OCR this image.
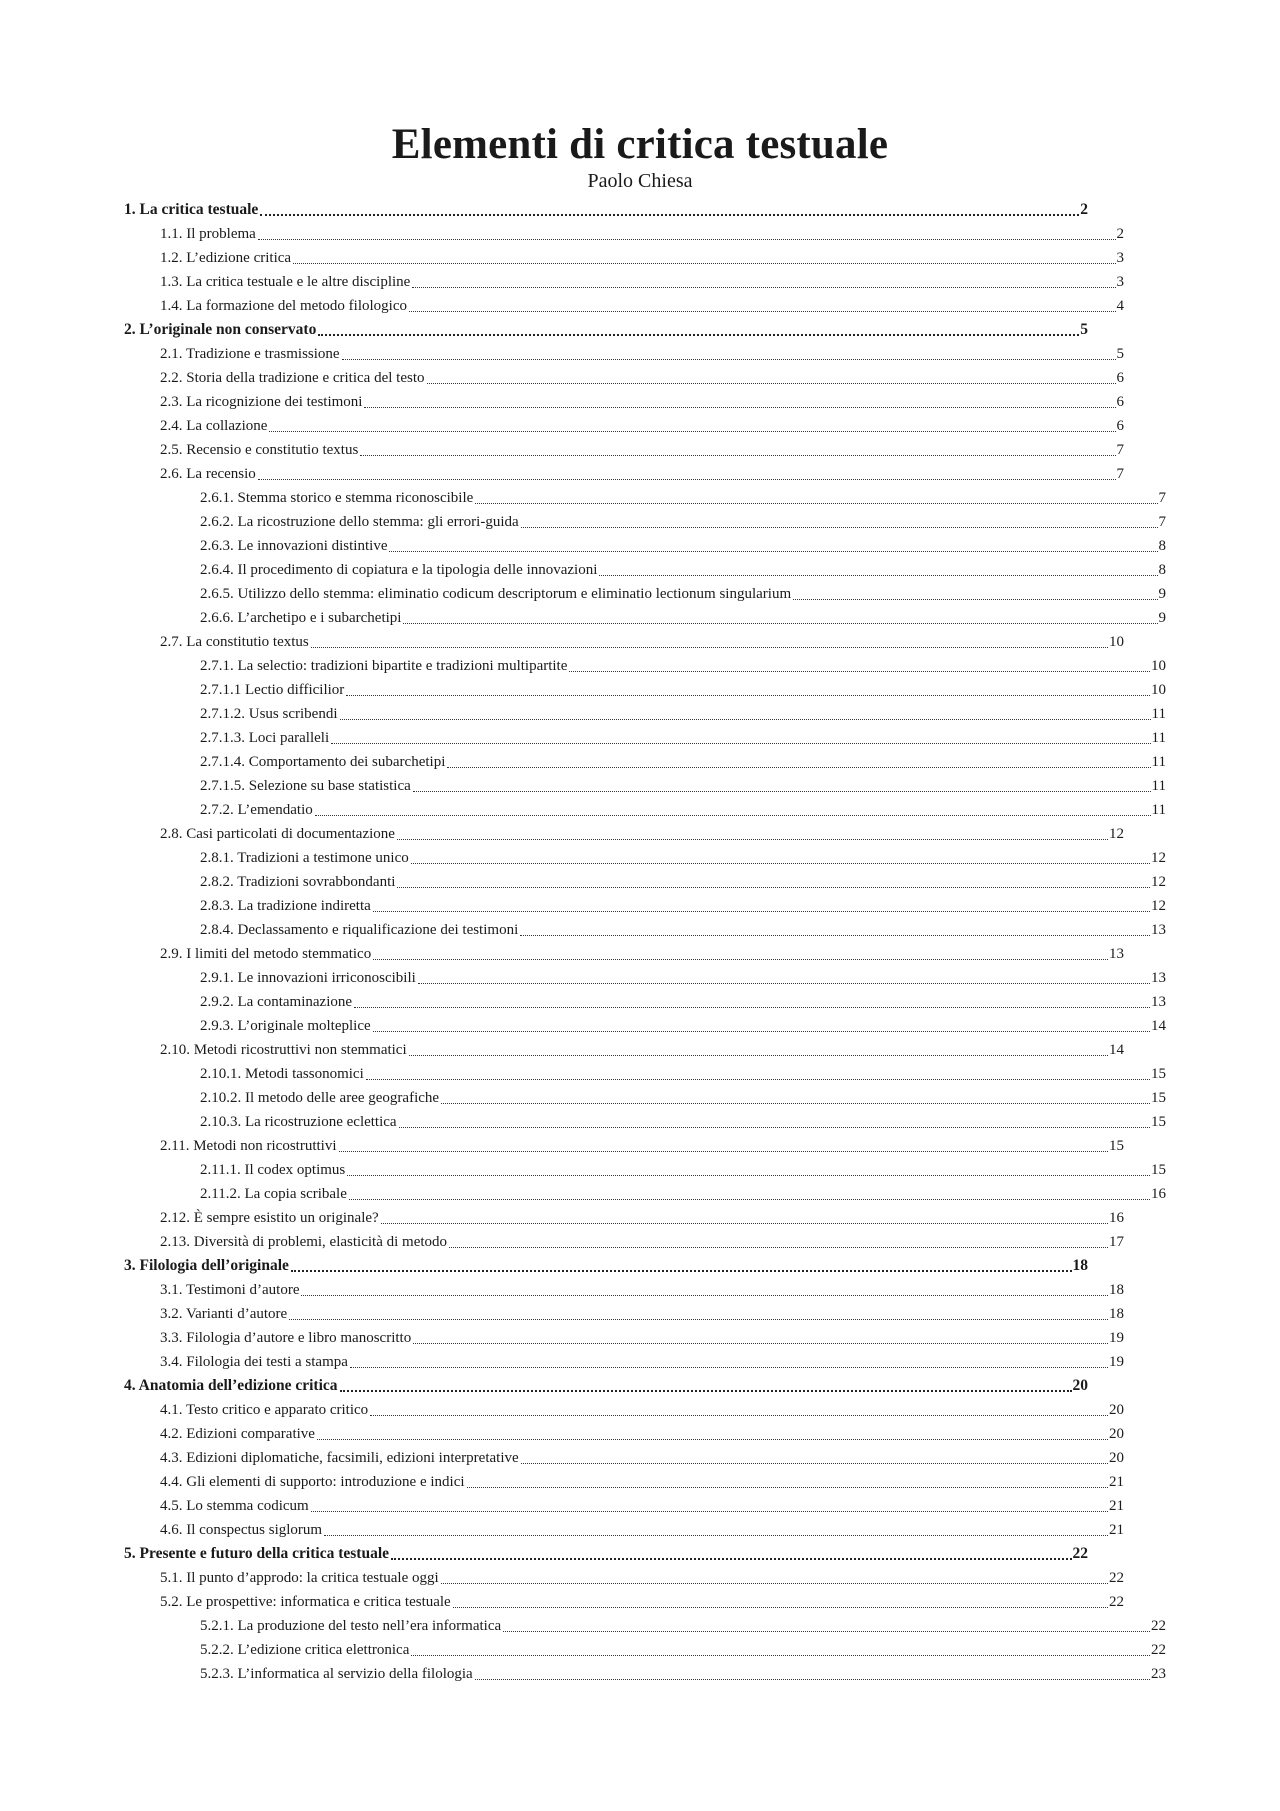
Elementi di critica testuale
Paolo Chiesa
1. La critica testuale	2
1.1. Il problema	2
1.2. L’edizione critica	3
1.3. La critica testuale e le altre discipline	3
1.4. La formazione del metodo filologico	4
2. L’originale non conservato	5
2.1. Tradizione e trasmissione	5
2.2. Storia della tradizione e critica del testo	6
2.3. La ricognizione dei testimoni	6
2.4. La collazione	6
2.5. Recensio e constitutio textus	7
2.6. La recensio	7
2.6.1. Stemma storico e stemma riconoscibile	7
2.6.2. La ricostruzione dello stemma: gli errori-guida	7
2.6.3. Le innovazioni distintive	8
2.6.4. Il procedimento di copiatura e la tipologia delle innovazioni	8
2.6.5. Utilizzo dello stemma: eliminatio codicum descriptorum e eliminatio lectionum singularium	9
2.6.6. L’archetipo e i subarchetipi	9
2.7. La constitutio textus	10
2.7.1. La selectio: tradizioni bipartite e tradizioni multipartite	10
2.7.1.1 Lectio difficilior	10
2.7.1.2. Usus scribendi	11
2.7.1.3. Loci paralleli	11
2.7.1.4. Comportamento dei subarchetipi	11
2.7.1.5. Selezione su base statistica	11
2.7.2. L’emendatio	11
2.8. Casi particolati di documentazione	12
2.8.1. Tradizioni a testimone unico	12
2.8.2. Tradizioni sovrabbondanti	12
2.8.3. La tradizione indiretta	12
2.8.4. Declassamento e riqualificazione dei testimoni	13
2.9. I limiti del metodo stemmatico	13
2.9.1. Le innovazioni irriconoscibili	13
2.9.2. La contaminazione	13
2.9.3. L’originale molteplice	14
2.10. Metodi ricostruttivi non stemmatici	14
2.10.1. Metodi tassonomici	15
2.10.2. Il metodo delle aree geografiche	15
2.10.3. La ricostruzione eclettica	15
2.11. Metodi non ricostruttivi	15
2.11.1. Il codex optimus	15
2.11.2. La copia scribale	16
2.12. È sempre esistito un originale?	16
2.13. Diversità di problemi, elasticità di metodo	17
3. Filologia dell’originale	18
3.1. Testimoni d’autore	18
3.2. Varianti d’autore	18
3.3. Filologia d’autore e libro manoscritto	19
3.4. Filologia dei testi a stampa	19
4. Anatomia dell’edizione critica	20
4.1. Testo critico e apparato critico	20
4.2. Edizioni comparative	20
4.3. Edizioni diplomatiche, facsimili, edizioni interpretative	20
4.4. Gli elementi di supporto: introduzione e indici	21
4.5. Lo stemma codicum	21
4.6. Il conspectus siglorum	21
5. Presente e futuro della critica testuale	22
5.1. Il punto d’approdo: la critica testuale oggi	22
5.2. Le prospettive: informatica e critica testuale	22
5.2.1. La produzione del testo nell’era informatica	22
5.2.2. L’edizione critica elettronica	22
5.2.3. L’informatica al servizio della filologia	23
